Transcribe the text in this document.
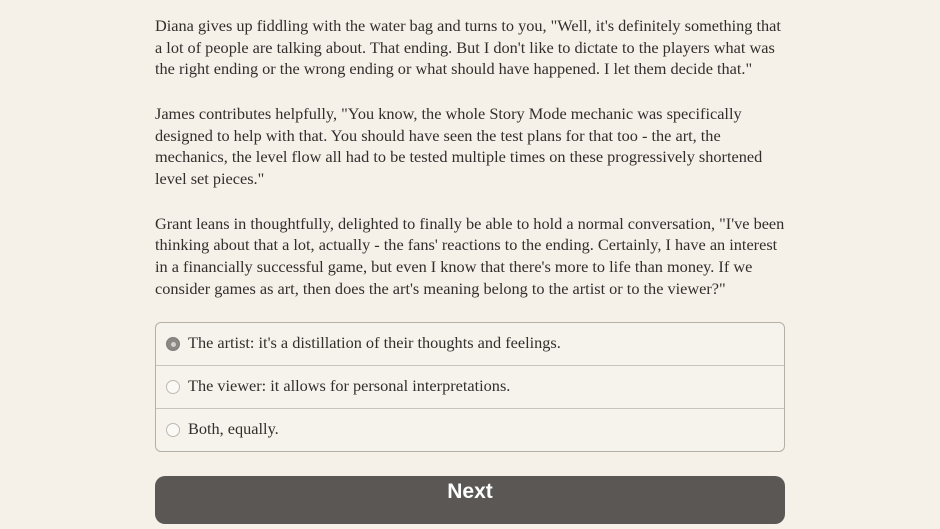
Diana gives up fiddling with the water bag and turns to you, "Well, it's definitely something that a lot of people are talking about. That ending. But I don't like to dictate to the players what was the right ending or the wrong ending or what should have happened. I let them decide that."

James contributes helpfully, "You know, the whole Story Mode mechanic was specifically designed to help with that. You should have seen the test plans for that too - the art, the mechanics, the level flow all had to be tested multiple times on these progressively shortened level set pieces."

Grant leans in thoughtfully, delighted to finally be able to hold a normal conversation, "I've been thinking about that a lot, actually - the fans' reactions to the ending. Certainly, I have an interest in a financially successful game, but even I know that there's more to life than money. If we consider games as art, then does the art's meaning belong to the artist or to the viewer?"

The artist: it's a distillation of their thoughts and feelings.
The viewer: it allows for personal interpretations.
Both, equally.
Next
